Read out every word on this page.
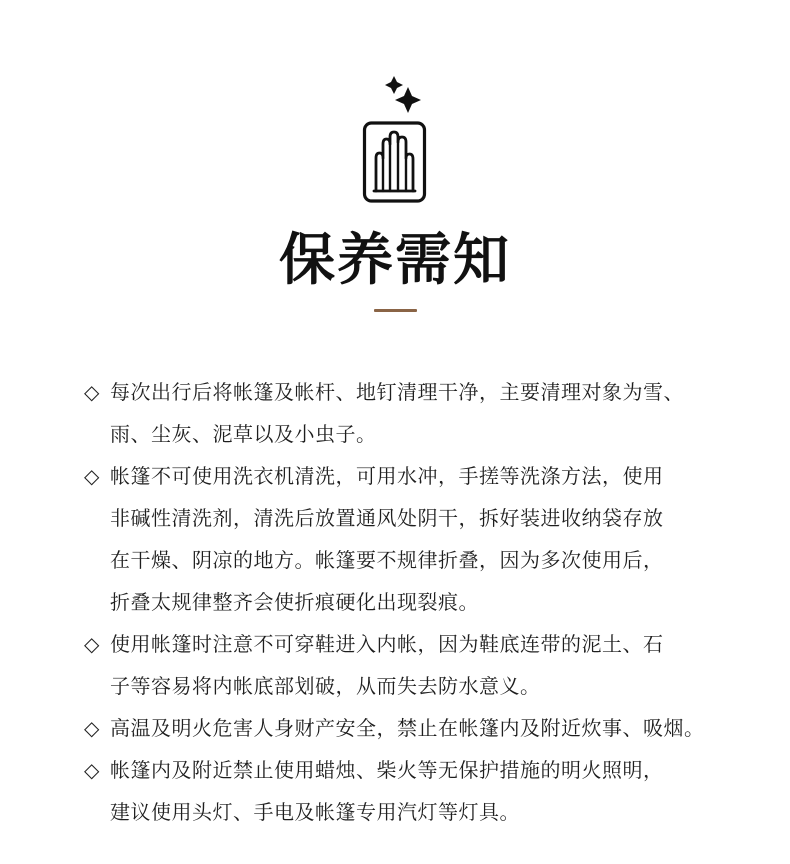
保养需知
◇ 每次出行后将帐篷及帐杆、地钉清理干净，主要清理对象为雪、
雨、尘灰、泥草以及小虫子。
◇ 帐篷不可使用洗衣机清洗，可用水冲，手搓等洗涤方法，使用
非碱性清洗剂，清洗后放置通风处阴干，拆好装进收纳袋存放
在干燥、阴凉的地方。帐篷要不规律折叠，因为多次使用后，
折叠太规律整齐会使折痕硬化出现裂痕。
◇ 使用帐篷时注意不可穿鞋进入内帐，因为鞋底连带的泥土、石
子等容易将内帐底部划破，从而失去防水意义。
◇ 高温及明火危害人身财产安全，禁止在帐篷内及附近炊事、吸烟。
◇ 帐篷内及附近禁止使用蜡烛、柴火等无保护措施的明火照明，
建议使用头灯、手电及帐篷专用汽灯等灯具。
